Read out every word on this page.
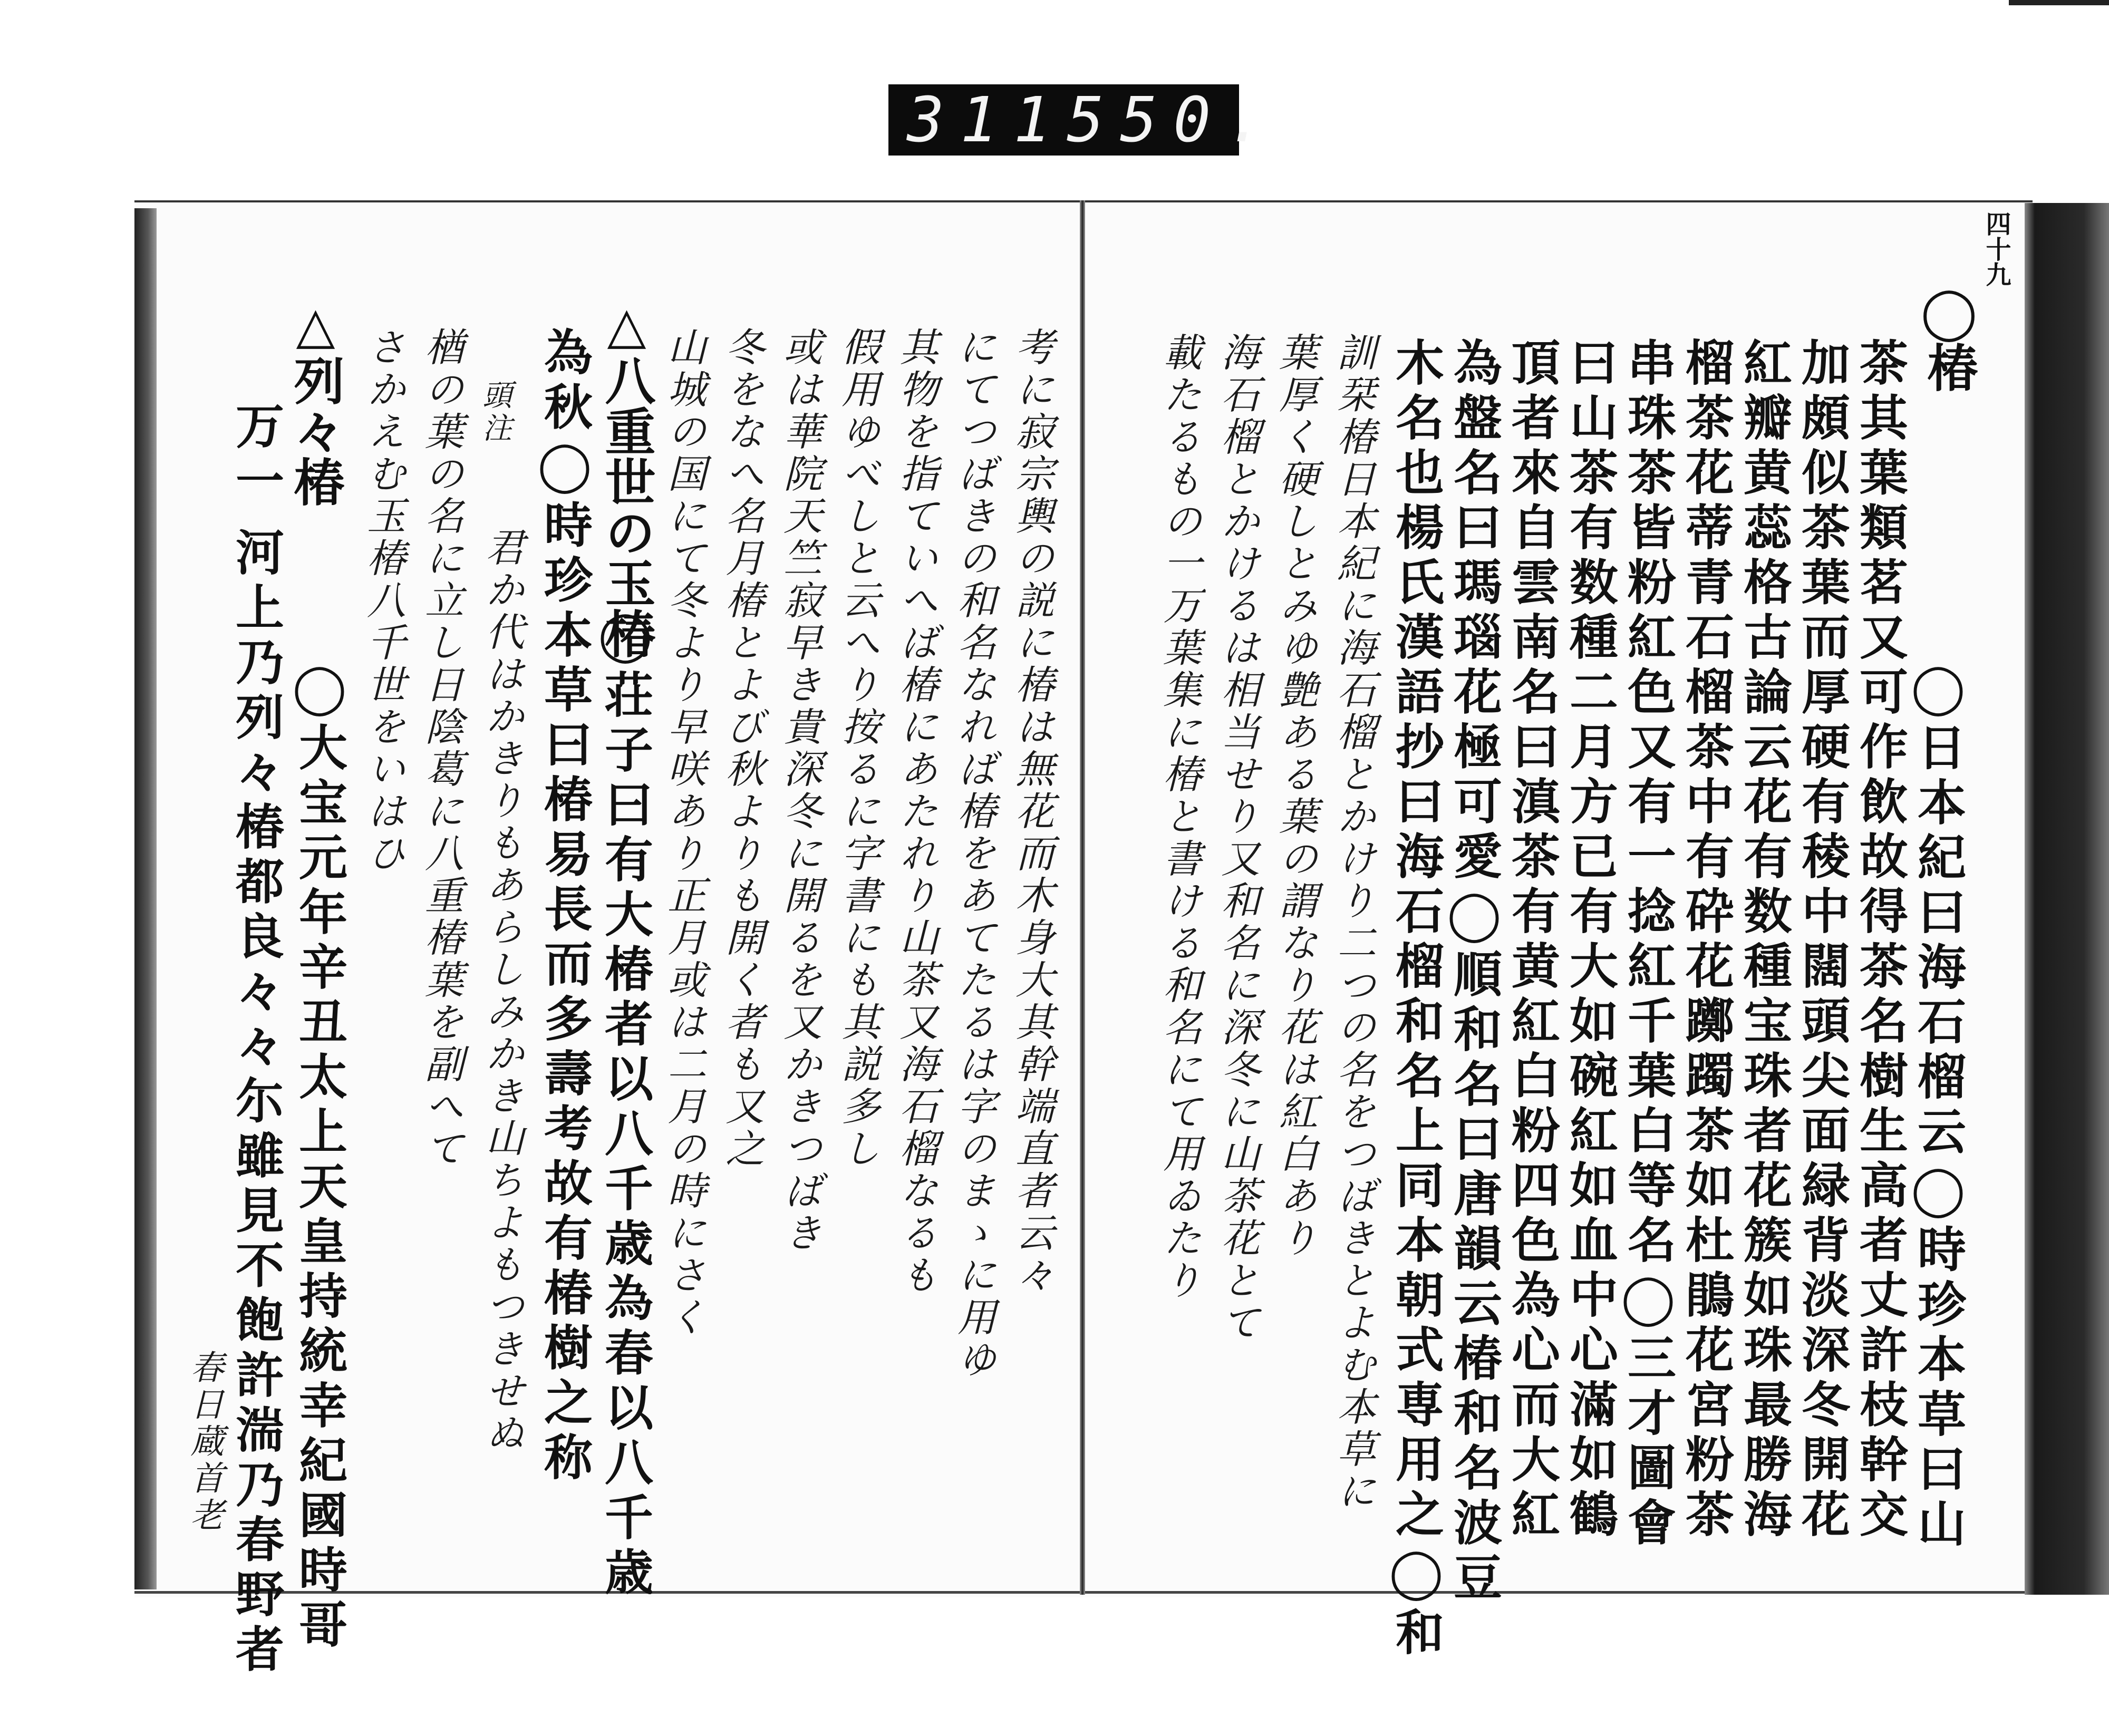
311 550.
四十九
◯椿
◯日本紀曰海石榴云◯時珍本草曰山
茶其葉類茗又可作飲故得茶名樹生高者丈許枝幹交
加頗似茶葉而厚硬有稜中闊頭尖面緑背淡深冬開花
紅瓣黄蕊格古論云花有数種宝珠者花簇如珠最勝海
榴茶花蒂青石榴茶中有砕花躑躅茶如杜鵑花宮粉茶
串珠茶皆粉紅色又有一捻紅千葉白等名◯三才圖會
曰山茶有数種二月方已有大如碗紅如血中心滿如鶴
頂者來自雲南名曰滇茶有黄紅白粉四色為心而大紅
為盤名曰瑪瑙花極可愛◯順和名曰唐韻云椿和名波豆
木名也楊氏漢語抄曰海石榴和名上同本朝式専用之◯和
訓栞椿日本紀に海石榴とかけり二つの名をつばきとよむ本草に
葉厚く硬しとみゆ艶ある葉の謂なり花は紅白あり
海石榴とかけるは相当せり又和名に深冬に山茶花とて
載たるもの一万葉集に椿と書ける和名にて用ゐたり
考に寂宗輿の説に椿は無花而木身大其幹端直者云々
にてつばきの和名なれば椿をあてたるは字のまゝに用ゆ
其物を指ていへば椿にあたれり山茶又海石榴なるも
假用ゆべしと云へり按るに字書にも其説多し
或は華院天竺寂早き貴深冬に開るを又かきつばき
冬をなへ名月椿とよび秋よりも開く者も又之
山城の国にて冬より早咲あり正月或は二月の時にさく
△八重世の玉椿
為秋◯時珍本草曰椿易長而多壽考故有椿樹之称 ◯荘子曰有大椿者以八千歳為春以八千歳
頭注
君か代はかきりもあらしみかき山ちよもつきせぬ
楢の葉の名に立し日陰葛に八重椿葉を副へて
さかえむ玉椿八千世をいはひ
◯大宝元年辛丑太上天皇持統幸紀國時哥
△列々椿
河上乃列々椿都良々々尓雖見不飽許湍乃春野者
万一
春日蔵首老
